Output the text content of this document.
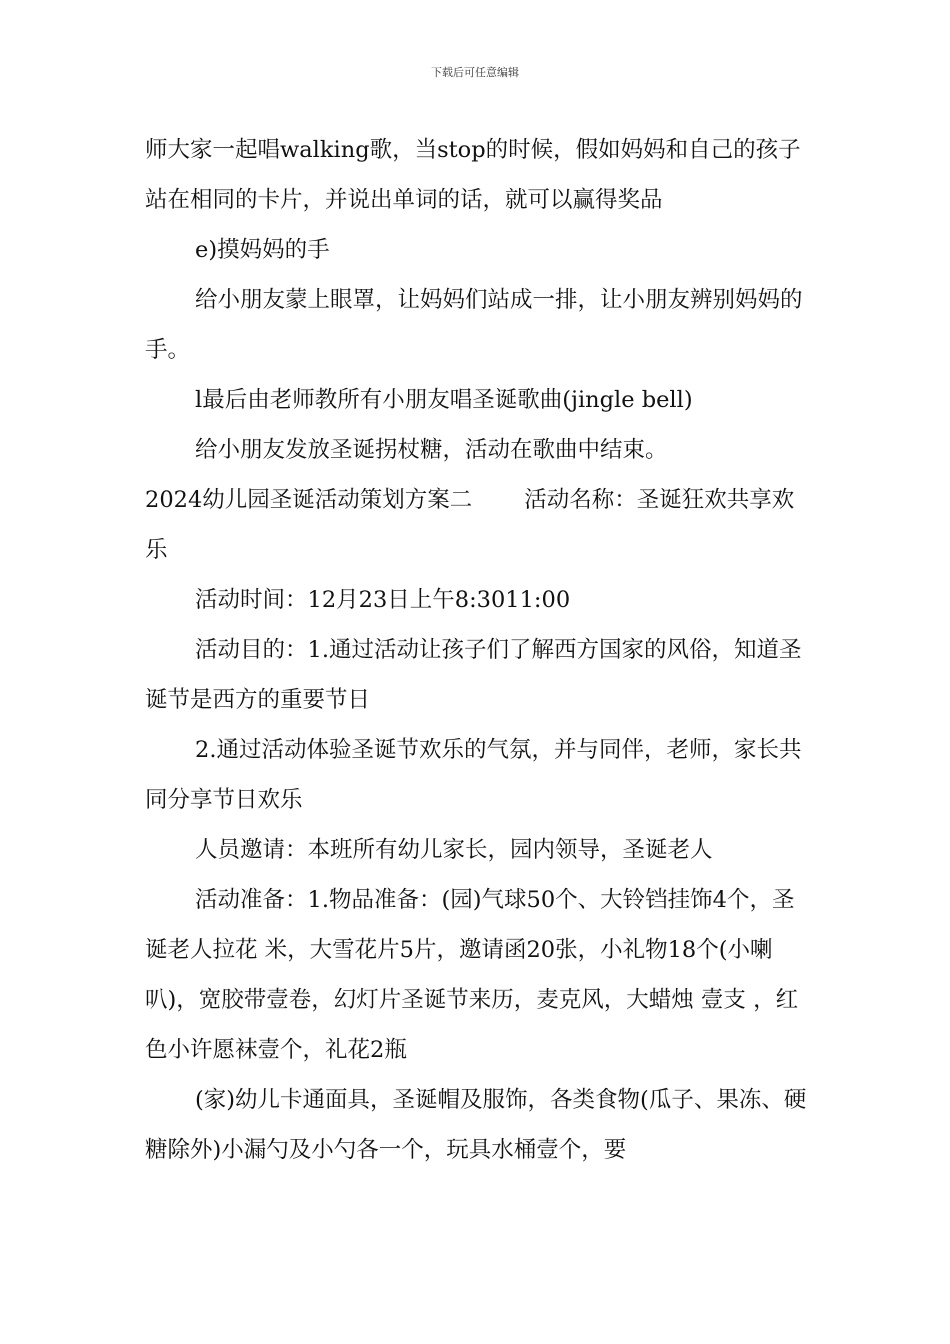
下载后可任意编辑

师大家一起唱walking歌，当stop的时候，假如妈妈和自己的孩子站在相同的卡片，并说出单词的话，就可以赢得奖品

e)摸妈妈的手

给小朋友蒙上眼罩，让妈妈们站成一排，让小朋友辨别妈妈的手。

l最后由老师教所有小朋友唱圣诞歌曲(jingle bell)

给小朋友发放圣诞拐杖糖，活动在歌曲中结束。

2024幼儿园圣诞活动策划方案二 活动名称：圣诞狂欢共享欢乐

活动时间：12月23日上午8:3011:00

活动目的：1.通过活动让孩子们了解西方国家的风俗，知道圣诞节是西方的重要节日

2.通过活动体验圣诞节欢乐的气氛，并与同伴，老师，家长共同分享节日欢乐

人员邀请：本班所有幼儿家长，园内领导，圣诞老人

活动准备：1.物品准备：(园)气球50个、大铃铛挂饰4个，圣诞老人拉花 米，大雪花片5片，邀请函20张，小礼物18个(小喇叭)，宽胶带壹卷，幻灯片圣诞节来历，麦克风，大蜡烛 壹支 ，红色小许愿袜壹个，礼花2瓶

(家)幼儿卡通面具，圣诞帽及服饰，各类食物(瓜子、果冻、硬糖除外)小漏勺及小勺各一个，玩具水桶壹个，要
